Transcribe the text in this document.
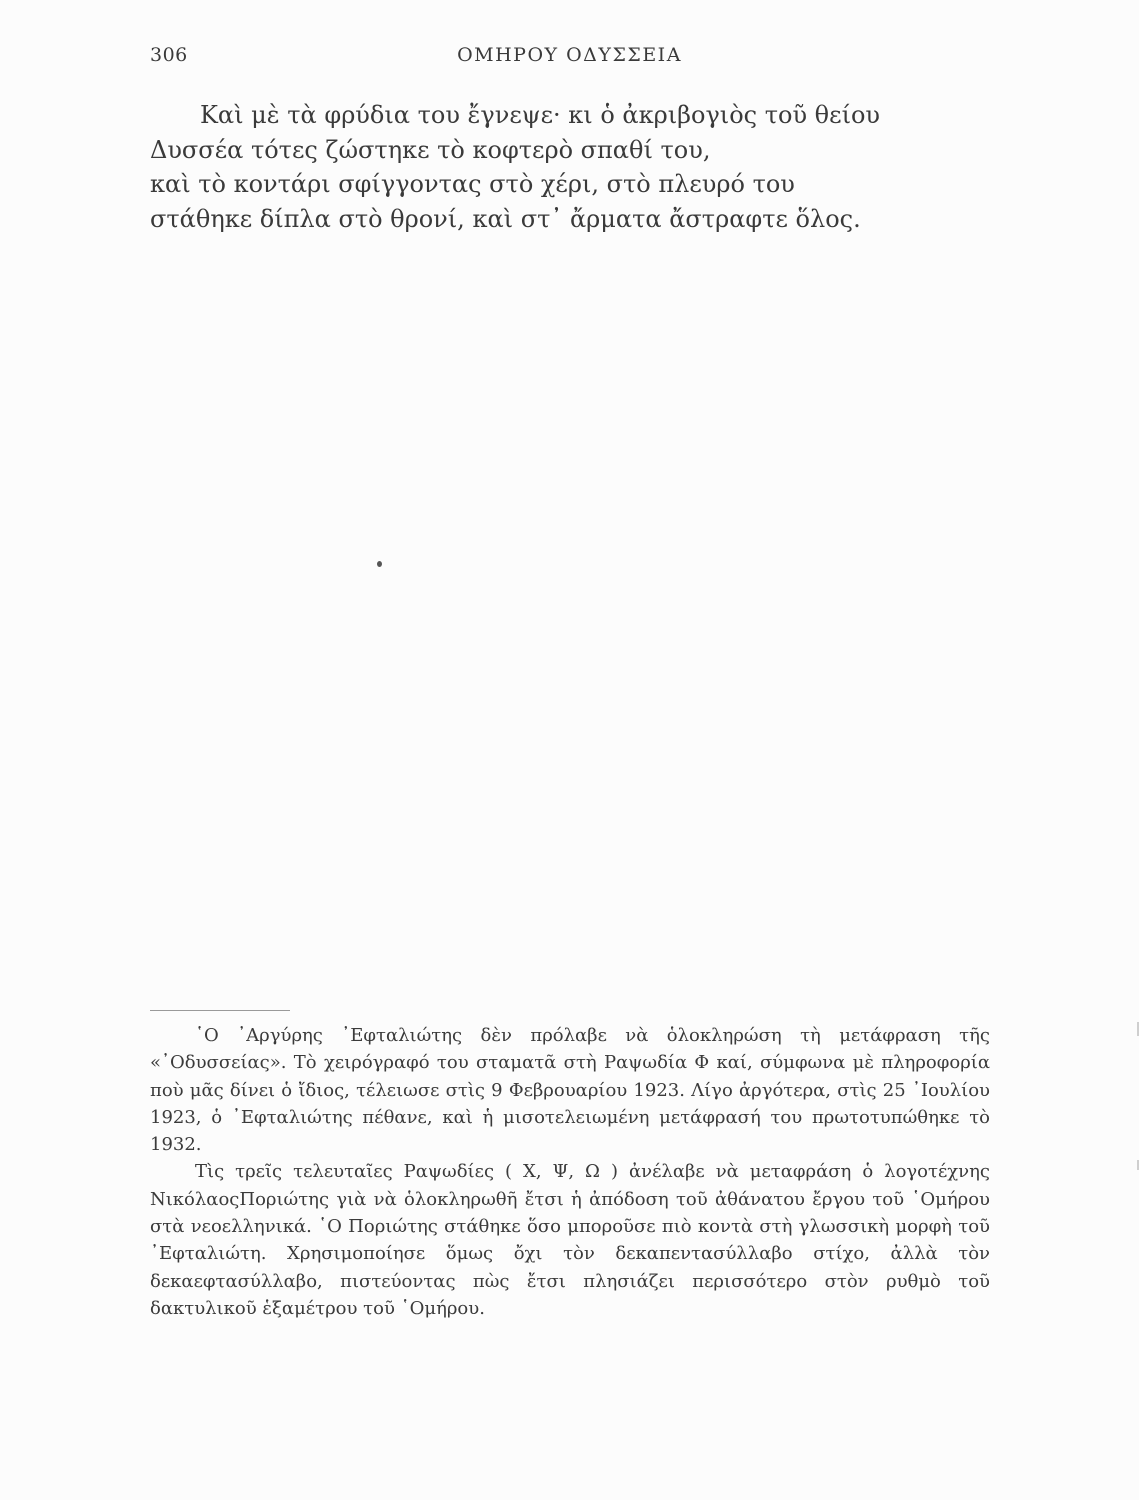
306	ΟΜΗΡΟΥ ΟΔΥΣΣΕΙΑ
Καὶ μὲ τὰ φρύδια του ἔγνεψε· κι ὁ ἀκριβογιὸς τοῦ θείου
Δυσσέα τότες ζώστηκε τὸ κοφτερὸ σπαθί του,
καὶ τὸ κοντάρι σφίγγοντας στὸ χέρι, στὸ πλευρό του
στάθηκε δίπλα στὸ θρονί, καὶ στ᾿ ἄρματα ἄστραφτε ὅλος.

῾Ο ᾿Αργύρης ᾿Εφταλιώτης δὲν πρόλαβε νὰ ὁλοκληρώση τὴ μετάφραση τῆς «᾿Οδυσσείας». Τὸ χειρόγραφό του σταματᾶ στὴ Ραψωδία Φ καί, σύμφωνα μὲ πληροφορία ποὺ μᾶς δίνει ὁ ἴδιος, τέλειωσε στὶς 9 Φεβρουαρίου 1923. Λίγο ἀργότερα, στὶς 25 ᾿Ιουλίου 1923, ὁ ᾿Εφταλιώτης πέθανε, καὶ ἡ μισοτελειωμένη μετάφρασή του πρωτοτυπώθηκε τὸ 1932.

Τὶς τρεῖς τελευταῖες Ραψωδίες ( Χ, Ψ, Ω ) ἀνέλαβε νὰ μεταφράση ὁ λογοτέχνης ΝικόλαοςΠοριώτης γιὰ νὰ ὁλοκληρωθῆ ἔτσι ἡ ἀπόδοση τοῦ ἀθάνατου ἔργου τοῦ ῾Ομήρου στὰ νεοελληνικά. ῾Ο Ποριώτης στάθηκε ὅσο μποροῦσε πιὸ κοντὰ στὴ γλωσσικὴ μορφὴ τοῦ ᾿Εφταλιώτη. Χρησιμοποίησε ὅμως ὄχι τὸν δεκαπεντασύλλαβο στίχο, ἀλλὰ τὸν δεκαεφτασύλλαβο, πιστεύοντας πὼς ἔτσι πλησιάζει περισσότερο στὸν ρυθμὸ τοῦ δακτυλικοῦ ἑξαμέτρου τοῦ ῾Ομήρου.
